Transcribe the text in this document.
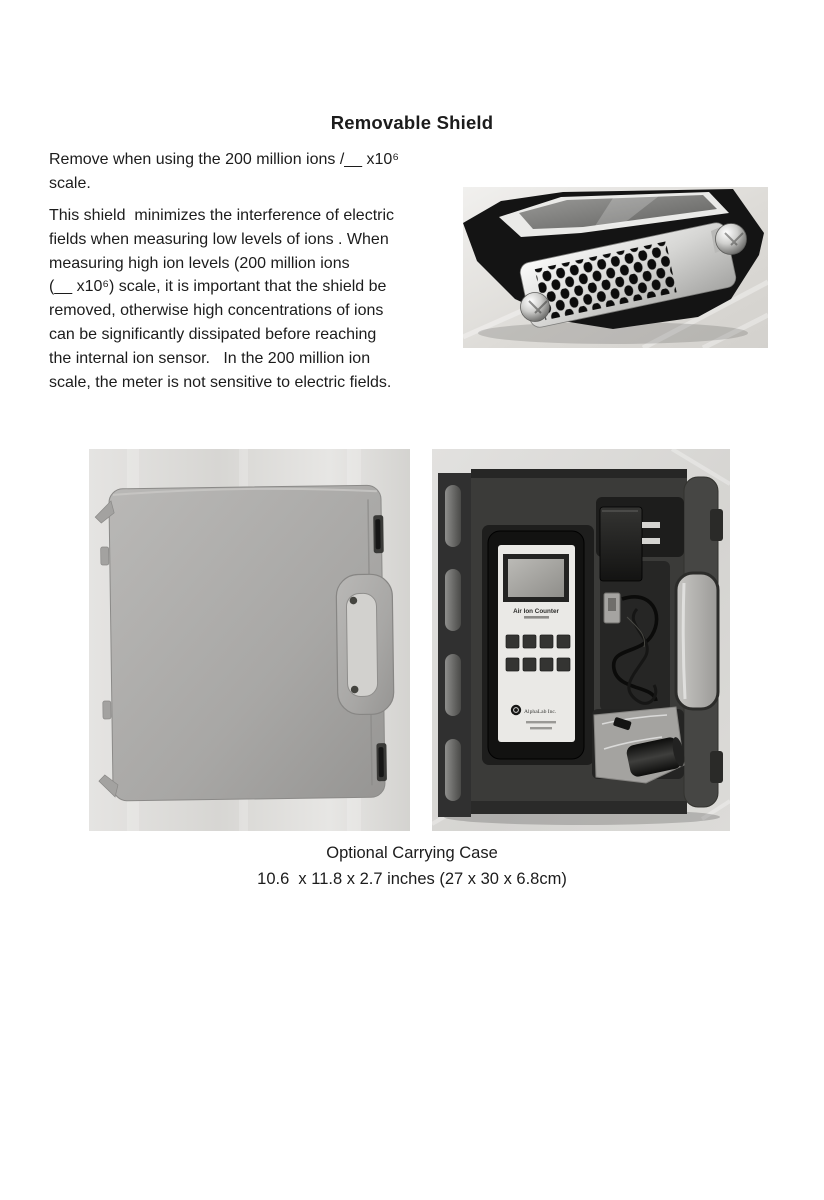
Removable Shield

Remove when using the 200 million ions /__ x10⁶
scale.

This shield  minimizes the interference of electric
fields when measuring low levels of ions . When
measuring high ion levels (200 million ions
(__ x10⁶) scale, it is important that the shield be
removed, otherwise high concentrations of ions
can be significantly dissipated before reaching
the internal ion sensor.   In the 200 million ion
scale, the meter is not sensitive to electric fields.

Air Ion Counter
AlphaLab Inc.
Optional Carrying Case
10.6  x 11.8 x 2.7 inches (27 x 30 x 6.8cm)
